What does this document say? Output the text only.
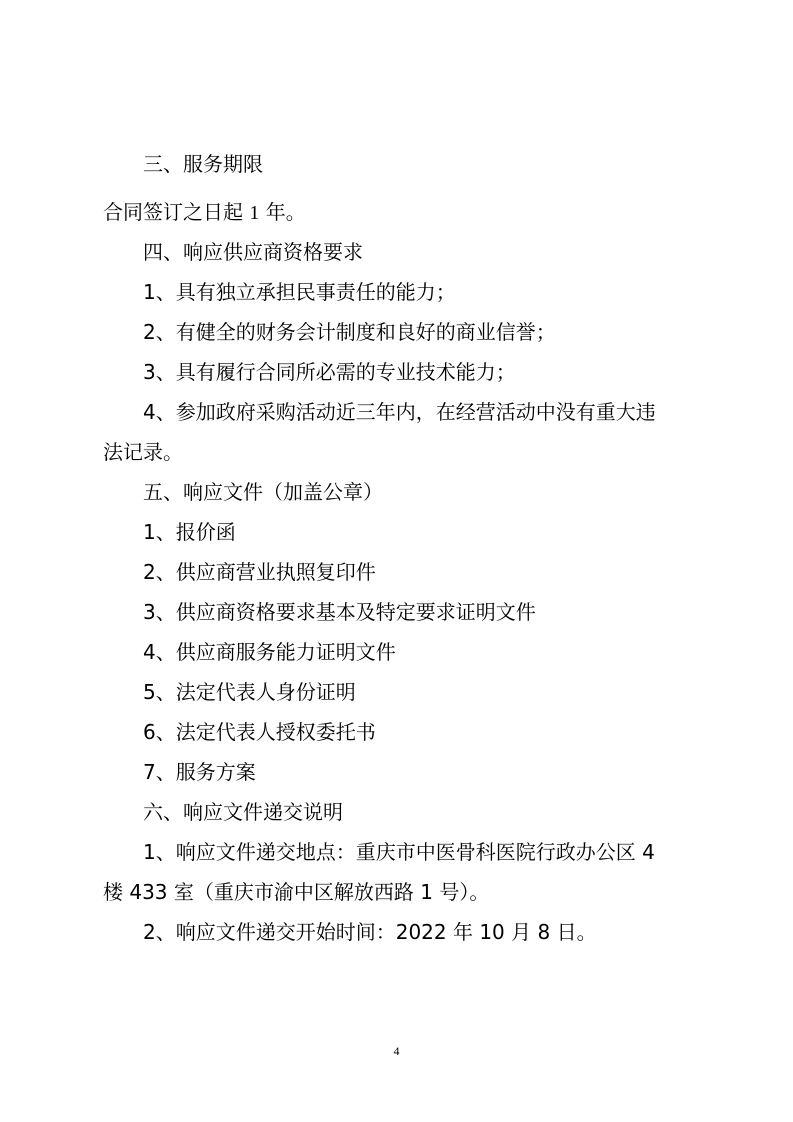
三、服务期限
合同签订之日起 1 年。
四、响应供应商资格要求
1、具有独立承担民事责任的能力；
2、有健全的财务会计制度和良好的商业信誉；
3、具有履行合同所必需的专业技术能力；
4、参加政府采购活动近三年内，在经营活动中没有重大违
法记录。
五、响应文件（加盖公章）
1、报价函
2、供应商营业执照复印件
3、供应商资格要求基本及特定要求证明文件
4、供应商服务能力证明文件
5、法定代表人身份证明
6、法定代表人授权委托书
7、服务方案
六、响应文件递交说明
1、响应文件递交地点：重庆市中医骨科医院行政办公区 4
楼 433 室（重庆市渝中区解放西路 1 号）。
2、响应文件递交开始时间：2022 年 10 月 8 日。
4
